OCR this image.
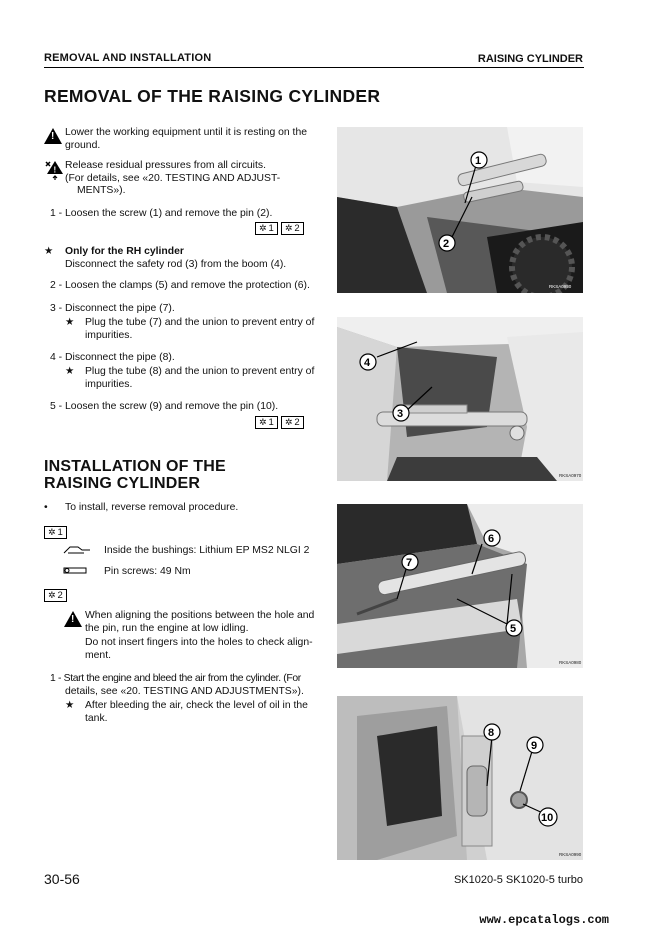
REMOVAL AND INSTALLATION	RAISING CYLINDER
REMOVAL OF THE RAISING CYLINDER
!
Lower the working equipment until it is resting on the
ground.
! Release residual pressures from all circuits.
(For details, see «20. TESTING AND ADJUST-
MENTS»).
1 - Loosen the screw (1) and remove the pin (2).
✲ 1 ✲ 2
★ Only for the RH cylinder
Disconnect the safety rod (3) from the boom (4).
2 - Loosen the clamps (5) and remove the protection (6).
3 - Disconnect the pipe (7).
★ Plug the tube (7) and the union to prevent entry of
impurities.
4 - Disconnect the pipe (8).
★ Plug the tube (8) and the union to prevent entry of
impurities.
5 - Loosen the screw (9) and remove the pin (10).
✲ 1 ✲ 2
INSTALLATION OF THE
RAISING CYLINDER
• To install, reverse removal procedure.
✲ 1
Inside the bushings: Lithium EP MS2 NLGI 2
Pin screws: 49 Nm
✲ 2
!
When aligning the positions between the hole and
the pin, run the engine at low idling.
Do not insert fingers into the holes to check align-
ment.
1 - Start the engine and bleed the air from the cylinder. (For
details, see «20. TESTING AND ADJUSTMENTS»).
★ After bleeding the air, check the level of oil in the
tank.
1
2
RKSA0950
4
3
RKSA0970
6
7
5
RKSA0980
8
9
10
RKSA0990
30-56	SK1020-5 SK1020-5 turbo
www.epcatalogs.com
